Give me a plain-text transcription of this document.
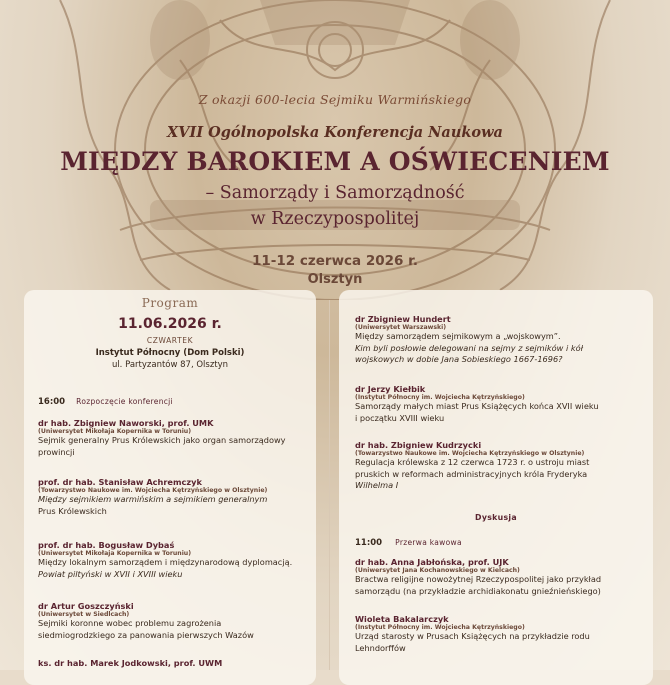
Z okazji 600-lecia Sejmiku Warmińskiego
XVII Ogólnopolska Konferencja Naukowa
MIĘDZY BAROKIEM A OŚWIECENIEM
– Samorządy i Samorządność
w Rzeczypospolitej
11-12 czerwca 2026 r.
Olsztyn
Program
11.06.2026 r.
CZWARTEK
Instytut Północny (Dom Polski)
ul. Partyzantów 87, Olsztyn
16:00 Rozpoczęcie konferencji
dr hab. Zbigniew Naworski, prof. UMK
(Uniwersytet Mikołaja Kopernika w Toruniu)
Sejmik generalny Prus Królewskich jako organ samorządowy
prowincji
prof. dr hab. Stanisław Achremczyk
(Towarzystwo Naukowe im. Wojciecha Kętrzyńskiego w Olsztynie)
Między sejmikiem warmińskim a sejmikiem generalnym
Prus Królewskich
prof. dr hab. Bogusław Dybaś
(Uniwersytet Mikołaja Kopernika w Toruniu)
Między lokalnym samorządem i międzynarodową dyplomacją.
Powiat piltyński w XVII i XVIII wieku
dr Artur Goszczyński
(Uniwersytet w Siedlcach)
Sejmiki koronne wobec problemu zagrożenia
siedmiogrodzkiego za panowania pierwszych Wazów
ks. dr hab. Marek Jodkowski, prof. UWM
dr Zbigniew Hundert
(Uniwersytet Warszawski)
Między samorządem sejmikowym a „wojskowym”.
Kim byli posłowie delegowani na sejmy z sejmików i kół
wojskowych w dobie Jana Sobieskiego 1667-1696?
dr Jerzy Kiełbik
(Instytut Północny im. Wojciecha Kętrzyńskiego)
Samorządy małych miast Prus Książęcych końca XVII wieku
i początku XVIII wieku
dr hab. Zbigniew Kudrzycki
(Towarzystwo Naukowe im. Wojciecha Kętrzyńskiego w Olsztynie)
Regulacja królewska z 12 czerwca 1723 r. o ustroju miast
pruskich w reformach administracyjnych króla Fryderyka
Wilhelma I
Dyskusja
11:00 Przerwa kawowa
dr hab. Anna Jabłońska, prof. UJK
(Uniwersytet Jana Kochanowskiego w Kielcach)
Bractwa religijne nowożytnej Rzeczypospolitej jako przykład
samorządu (na przykładzie archidiakonatu gnieźnieńskiego)
Wioleta Bakalarczyk
(Instytut Północny im. Wojciecha Kętrzyńskiego)
Urząd starosty w Prusach Książęcych na przykładzie rodu
Lehndorffów
